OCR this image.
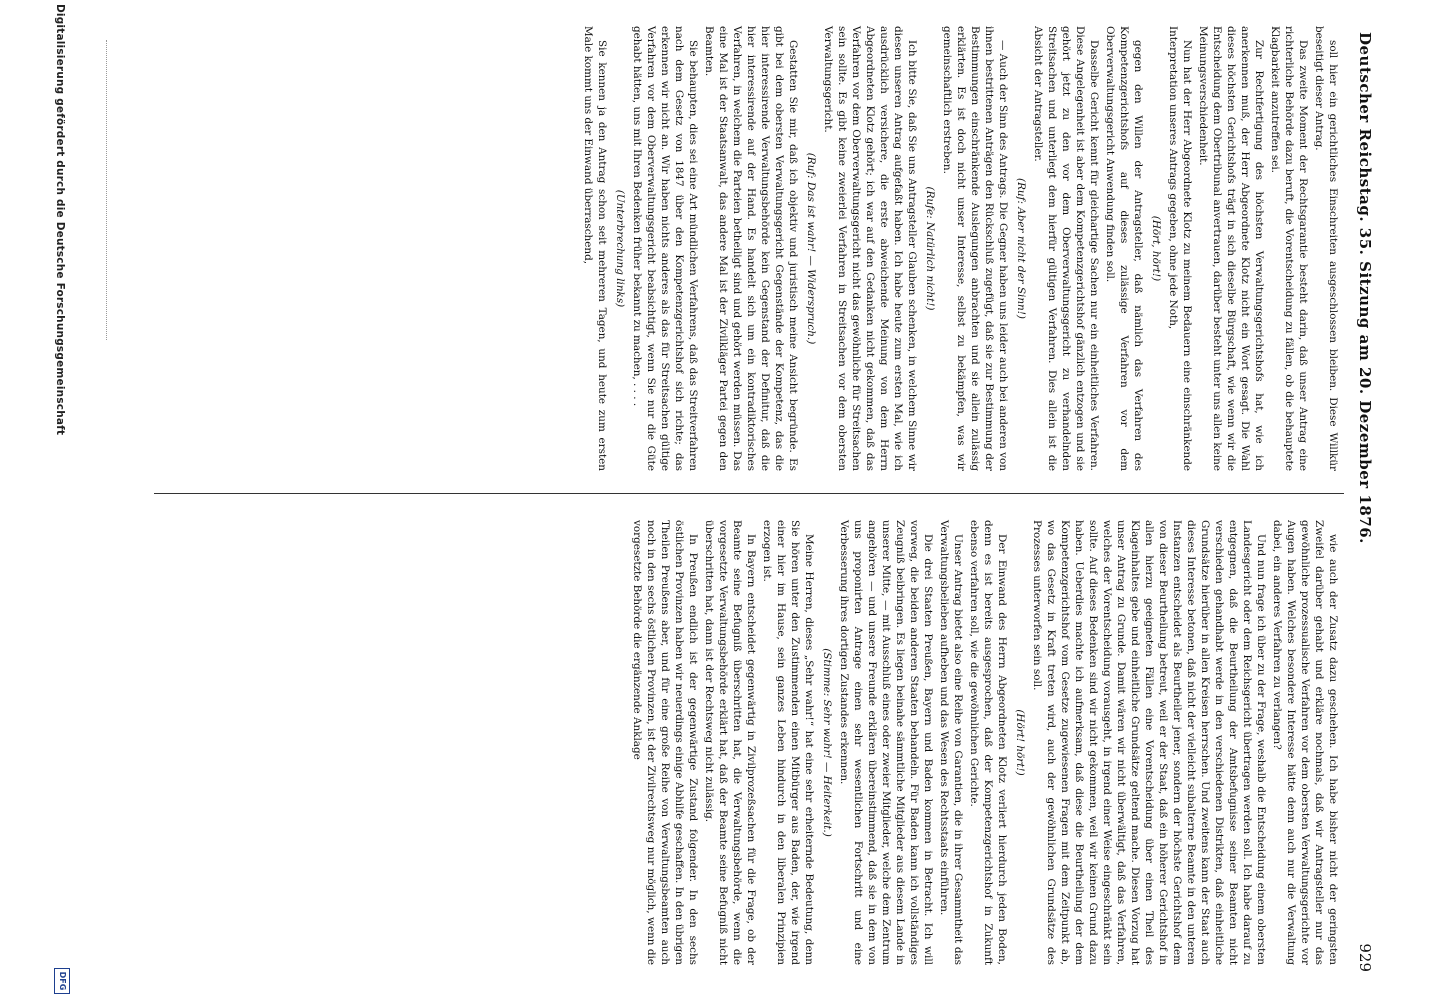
Deutscher Reichstag. 35. Sitzung am 20. Dezember 1876.
929

soll hier ein gerichtliches Einschreiten ausgeschlossen bleiben. Diese Willkür beseitigt dieser Antrag.

Das zweite Moment der Rechtsgarantie besteht darin, daß unser Antrag eine richterliche Behörde dazu beruft, die Vorentscheidung zu fällen, ob die behauptete Klagbarkeit anzutreffen sei.

Zur Rechtfertigung des höchsten Verwaltungsgerichtshofs hat, wie ich anerkennen muß, der Herr Abgeordnete Klotz nicht ein Wort gesagt. Die Wahl dieses höchsten Gerichtshofs trägt in sich dieselbe Bürgschaft, wie wenn wir die Entscheidung dem Obertribunal anvertrauen, darüber besteht unter uns allen keine Meinungsverschiedenheit.

Nun hat der Herr Abgeordnete Klotz zu meinem Bedauern eine einschränkende Interpretation unseres Antrags gegeben, ohne jede Noth,

(Hört, hört!)

gegen den Willen der Antragsteller, daß nämlich das Verfahren des Kompetenzgerichtshofs auf dieses zulässige Verfahren vor dem Oberverwaltungsgericht Anwendung finden soll.

Dasselbe Gericht kennt für gleichartige Sachen nur ein einheitliches Verfahren. Diese Angelegenheit ist aber dem Kompetenzgerichtshof gänzlich entzogen und sie gehört jetzt zu den vor dem Oberverwaltungsgericht zu verhandelnden Streitsachen und unterliegt dem hierfür gültigen Verfahren. Dies allein ist die Absicht der Antragsteller.

(Ruf: Aber nicht der Sinn!)

— Auch der Sinn des Antrags. Die Gegner haben uns leider auch bei anderen von ihnen bestrittenen Anträgen den Rückschluß zugefügt, daß sie zur Bestimmung der Bestimmungen einschränkende Auslegungen anbrachten und sie allein zulässig erklärten. Es ist doch nicht unser Interesse, selbst zu bekämpfen, was wir gemeinschaftlich erstreben.

(Rufe: Natürlich nicht!)

Ich bitte Sie, daß Sie uns Antragsteller Glauben schenken, in welchem Sinne wir diesen unseren Antrag aufgefaßt haben. Ich habe heute zum ersten Mal, wie ich ausdrücklich versichere, die erste abweichende Meinung von dem Herrn Abgeordneten Klotz gehört; ich war auf den Gedanken nicht gekommen, daß das Verfahren vor dem Oberverwaltungsgericht nicht das gewöhnliche für Streitsachen sein sollte. Es gibt keine zweierlei Verfahren in Streitsachen vor dem obersten Verwaltungsgericht.

(Ruf: Das ist wahr! — Widerspruch.)

Gestatten Sie mir, daß ich objektiv und juristisch meine Ansicht begründe. Es gibt bei dem obersten Verwaltungsgericht Gegenstände der Kompetenz, das die hier interessirende Verwaltungsbehörde kein Gegenstand der Definitur, daß die hier interessirende auf der Hand. Es handelt sich um ein kontradiktorisches Verfahren, in welchem die Parteien betheiligt sind und gehört werden müssen. Das eine Mal ist der Staatsanwalt, das andere Mal ist der Zivilkläger Partei gegen den Beamten.

Sie behaupten, dies sei eine Art mündlichen Verfahrens, daß das Streitverfahren nach dem Gesetz von 1847 über den Kompetenzgerichtshof sich richte; das erkennen wir nicht an. Wir haben nichts anderes als das für Streitsachen gültige Verfahren vor dem Oberverwaltungsgericht beabsichtigt, wenn Sie nur die Güte gehabt hätten, uns mit Ihren Bedenken früher bekannt zu machen, . . . .

(Unterbrechung links)

Sie kennen ja den Antrag schon seit mehreren Tagen, und heute zum ersten Male kommt uns der Einwand überraschend,

wie auch der Zusatz dazu geschehen. Ich habe bisher nicht der geringsten Zweifel darüber gehabt und erkläre nochmals, daß wir Antragsteller nur das gewöhnliche prozessualische Verfahren vor dem obersten Verwaltungsgerichte vor Augen haben. Welches besondere Interesse hätte denn auch nur die Verwaltung dabei, ein anderes Verfahren zu verlangen?

Und nun frage ich über zu der Frage, weshalb die Entscheidung einem obersten Landesgericht oder dem Reichsgericht übertragen werden soll. Ich habe darauf zu entgegnen, daß die Beurtheilung der Amtsbefugnisse seiner Beamten nicht verschieden gehandhabt werde in den verschiedenen Distrikten, daß einheitliche Grundsätze hierüber in allen Kreisen herrschen. Und zweitens kann der Staat auch dieses Interesse betonen, daß nicht der vielleicht subalterne Beamte in den unteren Instanzen entscheidet als Beurtheiler jener, sondern der höchste Gerichtshof dem von dieser Beurtheilung betreut, weil er der Staat, daß ein höherer Gerichtshof in allen hierzu geeigneten Fällen eine Vorentscheidung über einen Theil des Klageinhaltes gebe und einheitliche Grundsätze geltend mache. Diesen Vorzug hat unser Antrag zu Grunde. Damit wären wir nicht überwältigt, daß das Verfahren, welches der Vorentscheidung vorausgeht, in irgend einer Weise eingeschränkt sein sollte. Auf dieses Bedenken sind wir nicht gekommen, weil wir keinen Grund dazu haben. Ueberdies machte ich aufmerksam, daß diese die Beurtheilung der dem Kompetenzgerichtshof vom Gesetze zugewiesenen Fragen mit dem Zeitpunkt ab, wo das Gesetz in Kraft treten wird, auch der gewöhnlichen Grundsätze des Prozesses unterworfen sein soll.

(Hört! hört!)

Der Einwand des Herrn Abgeordneten Klotz verliert hierdurch jeden Boden, denn es ist bereits ausgesprochen, daß der Kompetenzgerichtshof in Zukunft ebenso verfahren soll, wie die gewöhnlichen Gerichte.

Unser Antrag bietet also eine Reihe von Garantien, die in ihrer Gesammtheit das Verwaltungsbelieben aufheben und das Wesen des Rechtsstaats einführen.

Die drei Staaten Preußen, Bayern und Baden kommen in Betracht. Ich will vorweg, die beiden anderen Staaten behandeln. Für Baden kann ich vollständiges Zeugniß beibringen. Es liegen beinahe sämmtliche Mitglieder aus diesem Lande in unserer Mitte, — mit Ausschluß eines oder zweier Mitglieder, welche dem Zentrum angehören — und unsere Freunde erklären übereinstimmend, daß sie in dem von uns proponirten Antrage einen sehr wesentlichen Fortschritt und eine Verbesserung ihres dortigen Zustandes erkennen.

(Stimme: Sehr wahr! — Heiterkeit.)

Meine Herren, dieses „Sehr wahr!“ hat eine sehr erheiternde Bedeutung, denn Sie hören unter den Zustimmenden einen Mitbürger aus Baden, der, wie irgend einer hier im Hause, sein ganzes Leben hindurch in den liberalen Prinzipien erzogen ist.

In Bayern entscheidet gegenwärtig in Zivilprozeßsachen für die Frage, ob der Beamte seine Befugniß überschritten hat, die Verwaltungsbehörde, wenn die vorgesetzte Verwaltungsbehörde erklärt hat, daß der Beamte seine Befugniß nicht überschritten hat, dann ist der Rechtsweg nicht zulässig.

In Preußen endlich ist der gegenwärtige Zustand folgender. In den sechs östlichen Provinzen haben wir neuerdings einige Abhilfe geschaffen. In den übrigen Theilen Preußens aber, und für eine große Reihe von Verwaltungsbeamten auch noch in den sechs östlichen Provinzen, ist der Zivilrechtsweg nur möglich, wenn die vorgesetzte Behörde die ergänzende Anklage

Digitalisierung gefördert durch die Deutsche Forschungsgemeinschaft
DFG
